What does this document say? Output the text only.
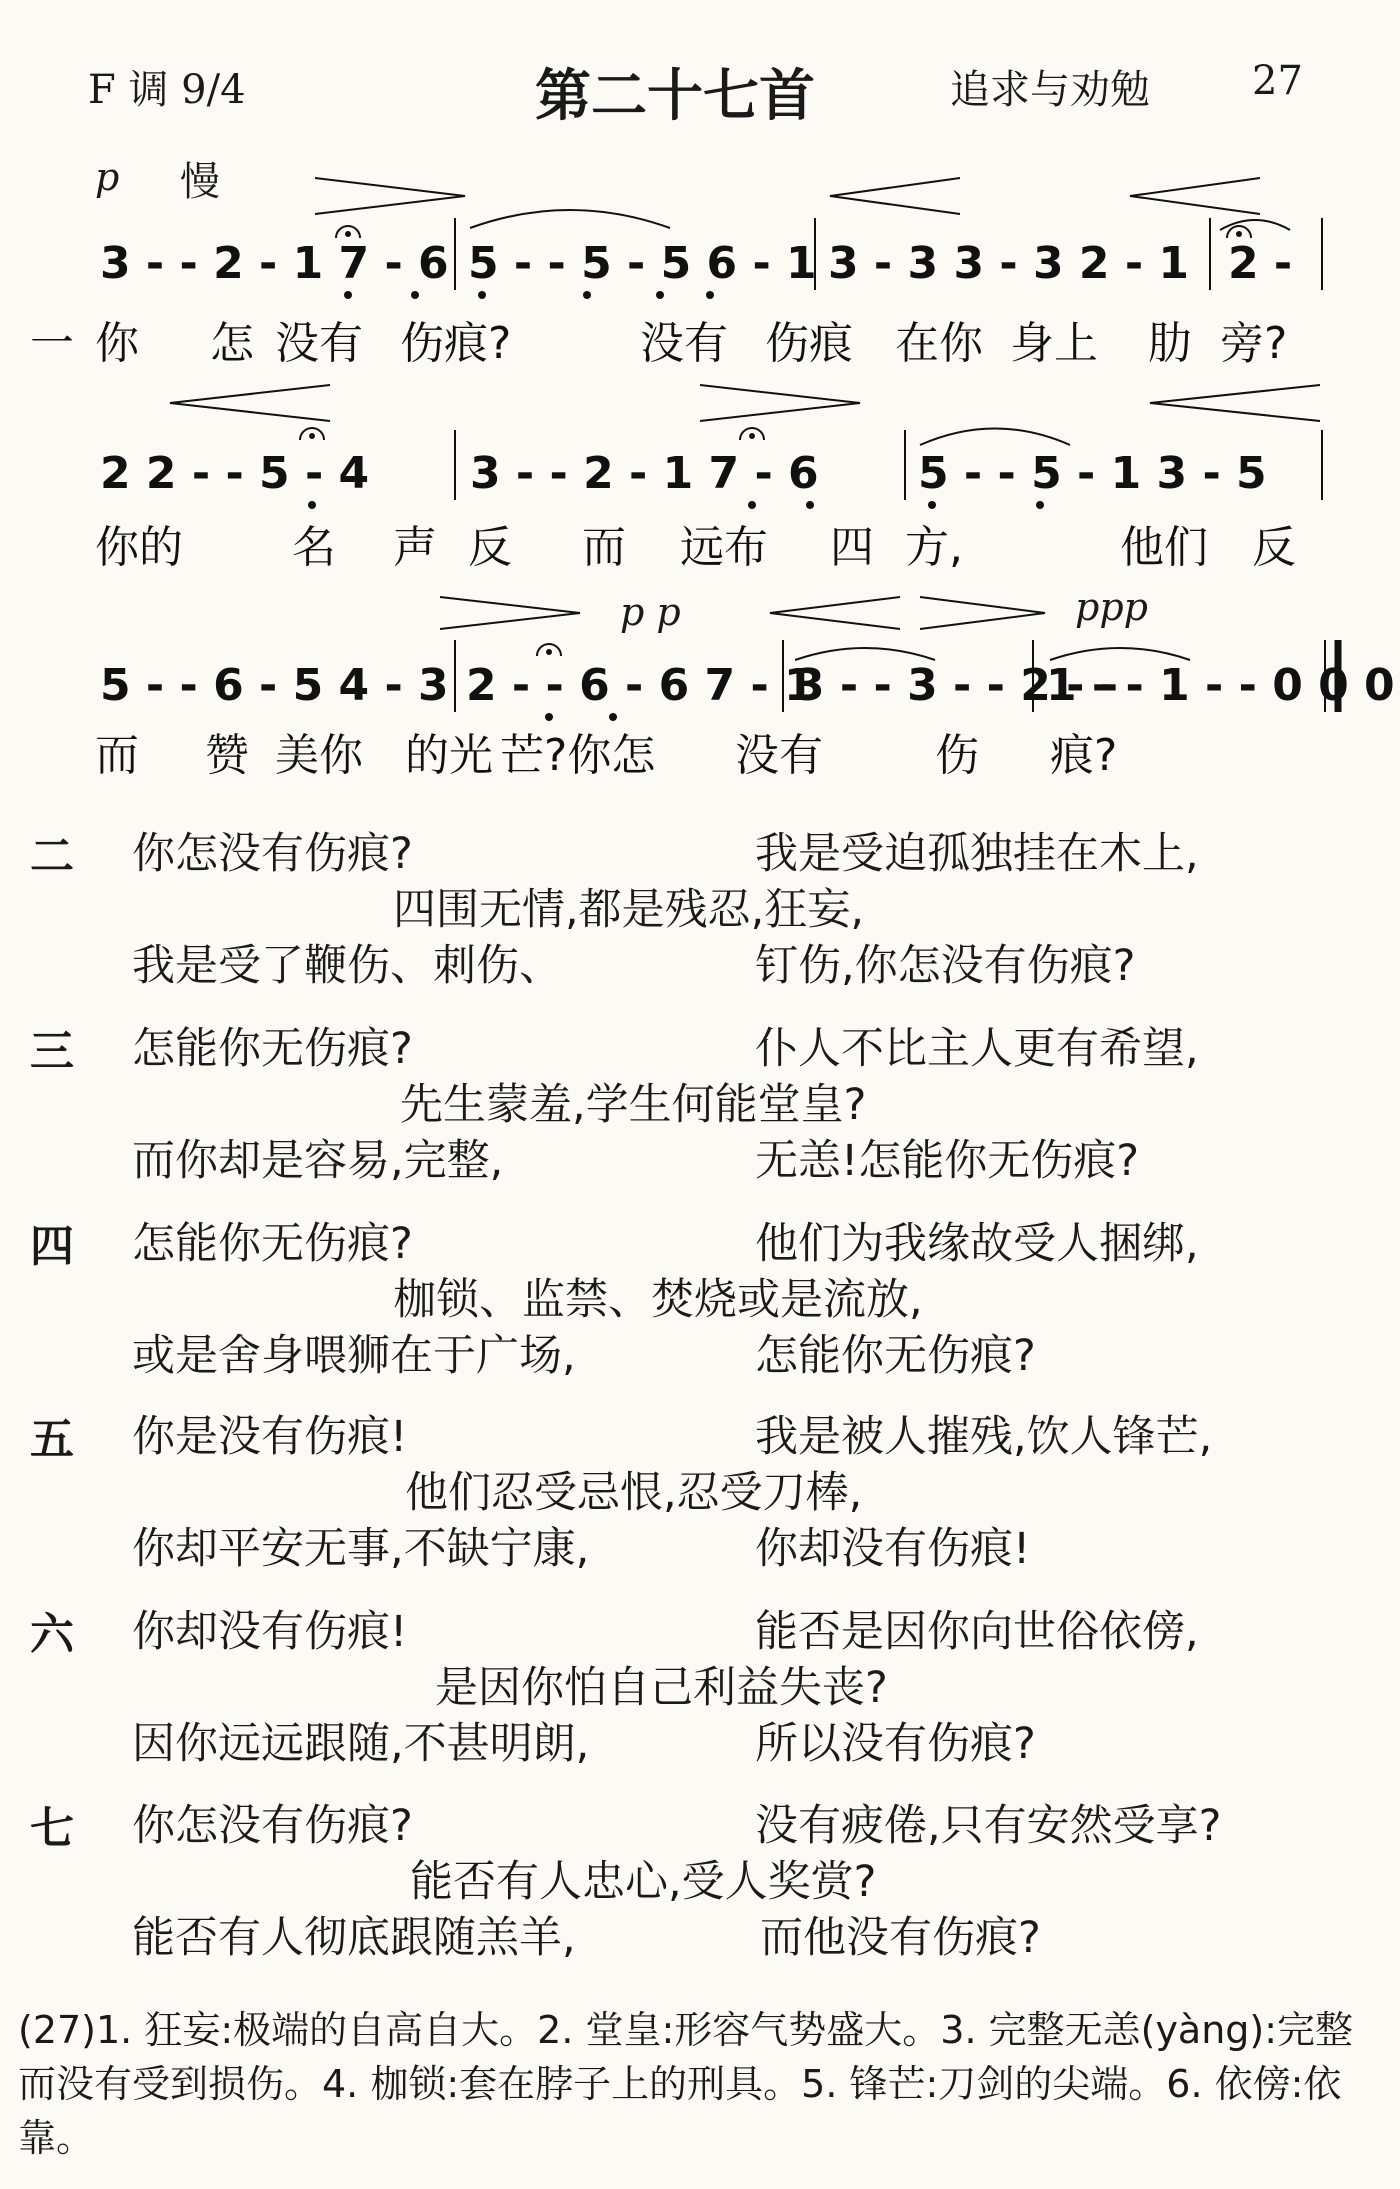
F 调 9/4	第二十七首	追求与劝勉	27
p 慢
3 - - 2 - 1 7 - 6 5 - - 5 - 5 6 - 1 3 - 3 3 - 3 2 - 1 2 -
2 2 - - 5 - 4 3 - - 2 - 1 7 - 6 5 - - 5 - 1 3 - 5
5 - - 6 - 5 4 - 3 2 - - 6 - 6 7 - 1
3 - - 3 - - 2 - -
1 - - 1 - - 0 0 0
一 你 怎 没有 伤痕?	没有 伤痕 在你 身上 肋 旁?
你的 名 声 反 而 远布 四 方,	他们 反
而 赞 美你 的光 芒?你怎 没有	伤 痕?
p p	ppp
二 你怎没有伤痕?	我是受迫孤独挂在木上,
四围无情,都是残忍,狂妄,
我是受了鞭伤、刺伤、	钉伤,你怎没有伤痕?
三 怎能你无伤痕?	仆人不比主人更有希望,
先生蒙羞,学生何能堂皇?
而你却是容易,完整,	无恙!怎能你无伤痕?
四 怎能你无伤痕?	他们为我缘故受人捆绑,
枷锁、监禁、焚烧或是流放,
或是舍身喂狮在于广场,	怎能你无伤痕?
五 你是没有伤痕!	我是被人摧残,饮人锋芒,
他们忍受忌恨,忍受刀棒,
你却平安无事,不缺宁康,	你却没有伤痕!
六 你却没有伤痕!	能否是因你向世俗依傍,
是因你怕自己利益失丧?
因你远远跟随,不甚明朗,	所以没有伤痕?
七 你怎没有伤痕?	没有疲倦,只有安然受享?
能否有人忠心,受人奖赏?
能否有人彻底跟随羔羊,	而他没有伤痕?
(27)1. 狂妄:极端的自高自大。2. 堂皇:形容气势盛大。3. 完整无恙(yàng):完整而没有受到损伤。4. 枷锁:套在脖子上的刑具。5. 锋芒:刀剑的尖端。6. 依傍:依靠。
